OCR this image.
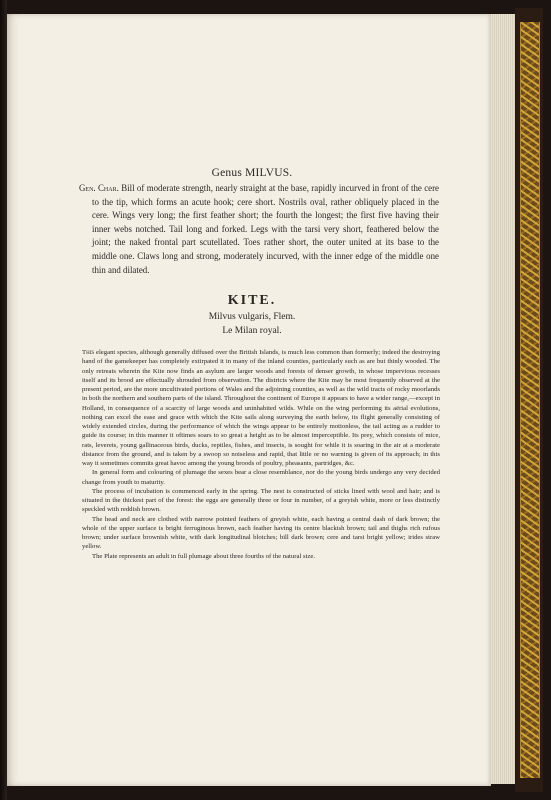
Genus MILVUS.

Gen. Char. Bill of moderate strength, nearly straight at the base, rapidly incurved in front of the cere to the tip, which forms an acute hook; cere short. Nostrils oval, rather obliquely placed in the cere. Wings very long; the first feather short; the fourth the longest; the first five having their inner webs notched. Tail long and forked. Legs with the tarsi very short, feathered below the joint; the naked frontal part scutellated. Toes rather short, the outer united at its base to the middle one. Claws long and strong, moderately incurved, with the inner edge of the middle one thin and dilated.

KITE.
Milvus vulgaris, Flem.
Le Milan royal.

This elegant species, although generally diffused over the British Islands, is much less common than formerly; indeed the destroying hand of the gamekeeper has completely extirpated it in many of the inland counties, particularly such as are but thinly wooded. The only retreats wherein the Kite now finds an asylum are larger woods and forests of denser growth, in whose impervious recesses itself and its brood are effectually shrouded from observation. The districts where the Kite may be most frequently observed at the present period, are the more uncultivated portions of Wales and the adjoining counties, as well as the wild tracts of rocky moorlands in both the northern and southern parts of the island. Throughout the continent of Europe it appears to have a wider range,—except in Holland, in consequence of a scarcity of large woods and uninhabited wilds. While on the wing performing its aërial evolutions, nothing can excel the ease and grace with which the Kite sails along surveying the earth below, its flight generally consisting of widely extended circles, during the performance of which the wings appear to be entirely motionless, the tail acting as a rudder to guide its course; in this manner it oftimes soars to so great a height as to be almost imperceptible. Its prey, which consists of mice, rats, leverets, young gallinaceous birds, ducks, reptiles, fishes, and insects, is sought for while it is soaring in the air at a moderate distance from the ground, and is taken by a swoop so noiseless and rapid, that little or no warning is given of its approach; in this way it sometimes commits great havoc among the young broods of poultry, pheasants, partridges, &c.

In general form and colouring of plumage the sexes bear a close resemblance, nor do the young birds undergo any very decided change from youth to maturity.

The process of incubation is commenced early in the spring. The nest is constructed of sticks lined with wool and hair; and is situated in the thickest part of the forest: the eggs are generally three or four in number, of a greyish white, more or less distinctly speckled with reddish brown.

The head and neck are clothed with narrow pointed feathers of greyish white, each having a central dash of dark brown; the whole of the upper surface is bright ferruginous brown, each feather having its centre blackish brown; tail and thighs rich rufous brown; under surface brownish white, with dark longitudinal blotches; bill dark brown; cere and tarsi bright yellow; irides straw yellow.

The Plate represents an adult in full plumage about three fourths of the natural size.
